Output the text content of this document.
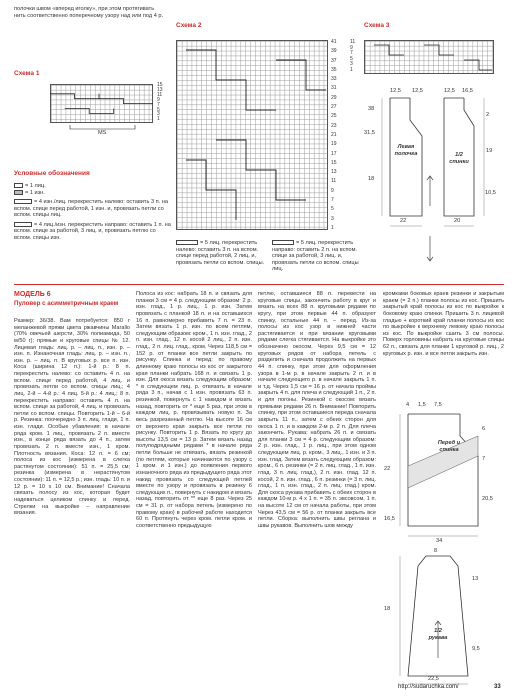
полочки швом «вперед иголку», при этом протягивать нить соответственно поперечному узору над или под 4 р.
Схема 1
15
13
11
9
7
5
3
1
MS
Условные обозначения
= 1 лиц.
= 1 изн.
= 4 изн./лиц. перекрестить налево: оставить 3 п. на вспом. спице перед работой, 1 изн. и, провязать петли со вспом. спицы лиц.
= 4 лиц./изн. перекрестить направо: оставить 1 п. на вспом. спице за работой, 3 лиц. и, провязать петлю со вспом. спицы изн.
Схема 2
41
39
37
35
33
31
29
27
25
23
21
19
17
15
13
11
9
7
5
3
1
= 5 лиц. перекрестить налево: оставить 3 п. на вспом. спице перед работой, 2 лиц. и, провязать петли со вспом. спицы.
= 5 лиц. перекрестить направо: оставить 2 п. на вспом. спице за работой, 3 лиц. и, провязать петли со вспом. спицы лиц.
Схема 3
11
9
7
5
3
1
12,5 12,5	12,5 16,5
38
31,5
18
Левая полочка
22
1/2 спинки
2
19
10,5
20
МОДЕЛЬ 6
Пуловер с асимметричным краем
Размер: 36/38. Вам потребуется: 850 г меланжевой пряжи цвета ржавчины Marallo (70% овечьей шерсти, 30% полиамида, 50 м/50 г); прямые и круговые спицы № 12. Лицевая гладь: лиц. р. – лиц. п., изн. р. – изн. п. Изнаночная гладь: лиц. р. – изн. п., изн. р. – лиц. п. В круговых р. все п. изн. Коса (ширина 12 п.): 1-й р.: 8 п. перекрестить налево: со оставить 4 п. на вспом. спице перед работой, 4 лиц. и провязать петли со вспом. спицы лиц.; 4 лиц. 2-й – 4-й р.: 4 лиц. 5-й р.: 4 лиц.; 8 п. перекрестить направо: оставить 4 п. на вспом. спице за работой, 4 лиц. и провязать петли со вспом. спицы. Повторить 1-й – 6-й р. Резинка: поочередно 3 п. лиц. глади, 1 п. изн. глади. Особые убавления: в начале ряда кром. 1 лиц., провязать 2 п. вместе изн., в конце ряда вязать до 4 п., затем провязать 2 п. вместе изн., 1 кром. Плотность вязания. Коса: 12 п. = 6 см; полоса из кос (измерена в слегка растянутом состоянии): 51 п. = 25,5 см; резинка (измерена в нерастянутом состоянии): 11 п. = 12,5 р.; изн. гладь: 10 п. и 12 р. = 10 х 10 см. Внимание! Сначала связать полосу из кос, которая будет надеваться целиком спинку и перед. Стрелки на выкройке – направление вязания.
Полоса из кос: набрать 18 п. и связать для планки 3 см = 4 р. следующим образом: 2 р. изн. глад., 1 р. лиц., 1 р. изн. Затем провязать с планкой 18 п. и на оставшихся 16 п. равномерно прибавить 7 п. = 23 п. Затем вязать 1 р. изн. по всем петлям, следующим образом: кром., 1 п. изн. глад., 2 п. изн. глад., 12 п. косой 2 лиц., 2 п. изн. глад., 2 п. лиц. глад., кром. Через 118,5 см = 152 р. от планки все петли закрыть по рисунку. Спинка и перед: по правому длинному краю полосы из кос от закрытого края планки набрать 168 п. и связать 1 р. изн. Для окоса вязать следующим образом: * в следующем лиц. р. отвязать в начале ряда 3 п., начав с 1 изн. провязать 63 п. резинкой, повернуть с 1 накидом и вязать назад, повторить от * еще 5 раз, при этом в каждом лиц. р. провязывать новую п. За весь разрезанный петлю. На высоте 16 см от верхнего края закрыть все петли по рисунку. Повторить 1 р. Вязать по кругу до высоты 13,5 см = 13 р. Затем вязать назад полуподрядными рядами * в начале ряда петли больше не отвязать, вязать резинкой (по петлям, которые начинаются по узору с 1 кром. и 1 изн.) до появления первого изнаночного ряда из предыдущего ряда этот накид провязать со следующей петлей вместе по узору и провязать в резинку 6 следующих п., повернуть с накидом и вязать назад, повторить от ** еще 8 раз. Через 25 см = 31 р. от набора петель (измерено по правому краю) в рабочей работе находится 60 п. Протянуть через кром. петли кром. и соответственно предыдущую
петлю, оставшиеся 88 п. перевести на круговые спицы, закончить работу в круг и вязать на всех 88 п. круговыми рядами по кругу, при этом первые 44 п. образуют спинку, остальные 44 п. – перед. Из-за полосы из кос узор в нижней части растягивается и при вязании круговыми рядами слегка стягивается. На выкройке это обозначено окосом. Через 9,5 см = 12 круговых рядов от набора петель с разделить и сначала продолжить на первых 44 п. спинку, при этом для оформления узора в 1-м р. в начале закрыть 2 п. и в начале следующего р. в начале закрыть 1 п. и т.д. Через 1,5 см = 16 р. от начала проймы закрыть 4 п. для плеча и следующий 1 п., 2 п. и для погоны. Резинкой с окосом: вязать прямыми рядами 26 п. Внимание! Повторить спинку, при этом оставшиеся переда сначала закрыть 11 п., затем с обеих сторон для окоса 1 п. и в каждом 2-м р. 2 п. Для плеча закончить. Рукава: набрать 26 п. и связать для планки 3 см = 4 р. следующим образом: 2 р. изн. глад., 1 р. лиц., при этом одном следующем лиц. р. кром., 3 лиц., 1 изн. и 3 п. изн. глад. Затем вязать следующим образом: кром., 6 п. резинки (= 2 п. лиц. глад., 1 п. изн. глад. 3 п. лиц. глад.), 2 п. изн. глад. 12 п. косой, 2 п. изн. глад., 6 п. резинки (= 3 п. лиц. глад., 1 п. изн. глад., 2 п. лиц. глад.) кром. Для скоса рукава прибавить с обеих сторон в каждом 10-м р. 4 х 1 п. = 35 п. эвсовсом, 1 п. на высоте 12 см от начала работы, при этом Через 43,5 см = 56 р. от планки закрыть все петли. Сборка: выполнить швы реглана и швы рукавов. Выполнить шов между
кромками боковых краев резинки и закрытым краем (= 2 п.) планки полосы из кос. Пришить закрытый край полосы из кос по выкройке к боковому краю спинки. Пришить 3 п. лицевой гладью + короткий край планки полосы из кос по выкройке к верхнему левому краю полосы из кос. По выкройке сшить 3 см полосы. Поверх горловины набрать на круговые спицы 62 п., связать для планки 1 круговой р. лиц., 2 круговых р. изн. и все петли закрыть изн.
4 1,5 7,5
6
22
Перед и спинка
20,5
7
1/2 рукава
34
18
8
22,5
13
9,5
16,5
http://sudaruchka.com/	33
